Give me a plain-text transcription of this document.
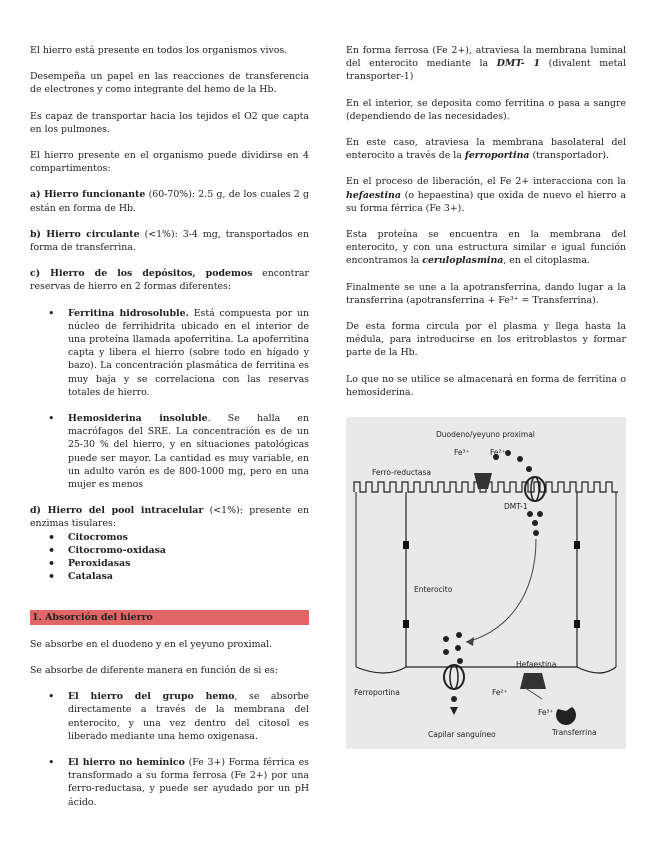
El hierro está presente en todos los organismos vivos.

Desempeña un papel en las reacciones de transferencia de electrones y como integrante del hemo de la Hb.

Es capaz de transportar hacia los tejidos el O2 que capta en los pulmones.

El hierro presente en el organismo puede dividirse en 4 compartimentos:

a) Hierro funcionante (60-70%): 2.5 g, de los cuales 2 g están en forma de Hb.

b) Hierro circulante (<1%): 3-4 mg, transportados en forma de transferrina.

c) Hierro de los depósitos, podemos encontrar reservas de hierro en 2 formas diferentes:

• Ferritina hidrosoluble. Está compuesta por un núcleo de ferrihidrita ubicado en el interior de una proteína llamada apoferritina. La apoferritina capta y libera el hierro (sobre todo en hígado y bazo). La concentración plasmática de ferritina es muy baja y se correlaciona con las reservas totales de hierro.
• Hemosiderina insoluble. Se halla en macrófagos del SRE. La concentración es de un 25-30 % del hierro, y en situaciones patológicas puede ser mayor. La cantidad es muy variable, en un adulto varón es de 800-1000 mg, pero en una mujer es menos

d) Hierro del pool intracelular (<1%): presente en enzimas tisulares:

• Citocromos
• Citocromo-oxidasa
• Peroxidasas
• Catalasa
1. Absorción del hierro

Se absorbe en el duodeno y en el yeyuno proximal.

Se absorbe de diferente manera en función de si es:

• El hierro del grupo hemo, se absorbe directamente a través de la membrana del enterocito, y una vez dentro del citosol es liberado mediante una hemo oxigenasa.
• El hierro no hemínico (Fe 3+) Forma férrica es transformado a su forma ferrosa (Fe 2+) por una ferro-reductasa, y puede ser ayudado por un pH ácido.

En forma ferrosa (Fe 2+), atraviesa la membrana luminal del enterocito mediante la DMT- 1 (divalent metal transporter-1)

En el interior, se deposita como ferritina o pasa a sangre (dependiendo de las necesidades).

En este caso, atraviesa la membrana basolateral del enterocito a través de la ferroportina (transportador).

En el proceso de liberación, el Fe 2+ interacciona con la hefaestina (o hepaestina) que oxida de nuevo el hierro a su forma férrica (Fe 3+).

Esta proteína se encuentra en la membrana del enterocito, y con una estructura similar e igual función encontramos la ceruloplasmina, en el citoplasma.

Finalmente se une a la apotransferrina, dando lugar a la transferrina (apotransferrina + Fe³⁺ = Transferrina).

De esta forma circula por el plasma y llega hasta la médula, para introducirse en los eritroblastos y formar parte de la Hb.

Lo que no se utilice se almacenará en forma de ferritina o hemosiderina.

Duodeno/yeyuno proximal
Fe³⁺	Fe²⁺
Ferro-reductasa
DMT-1
Enterocito
Hefaestina
Ferroportina	Fe²⁺
Fe³⁺
Transferrina
Capilar sanguíneo
